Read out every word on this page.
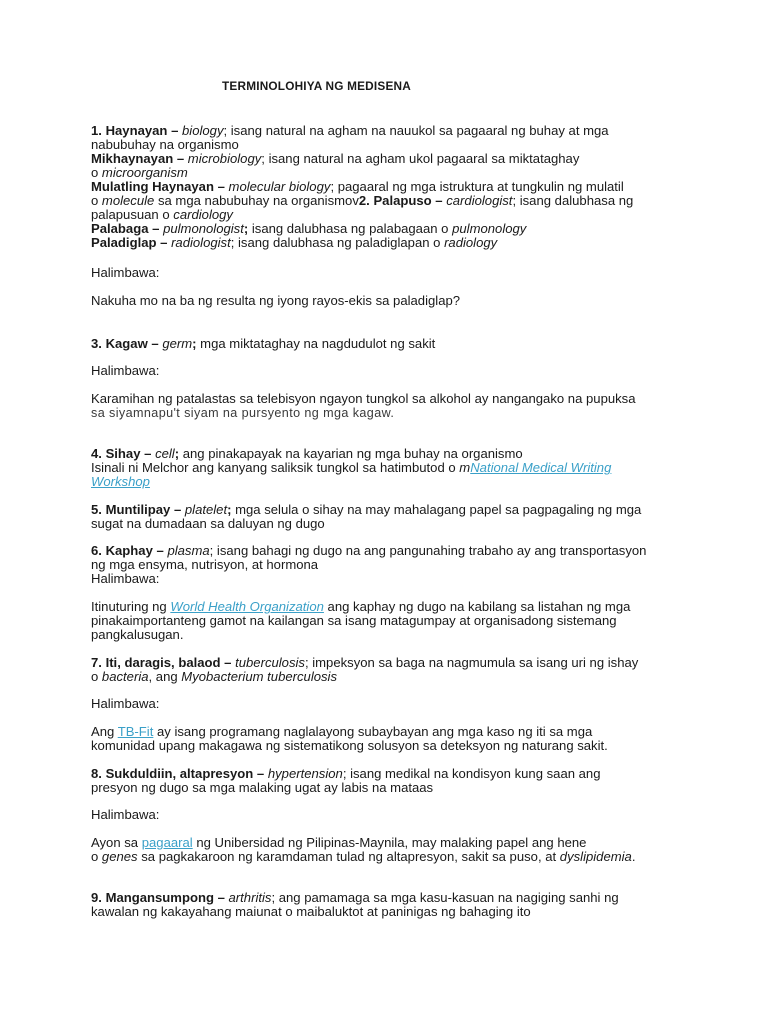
TERMINOLOHIYA NG MEDISENA
1. Haynayan – biology; isang natural na agham na nauukol sa pagaaral ng buhay at mga
nabubuhay na organismo
Mikhaynayan – microbiology; isang natural na agham ukol pagaaral sa miktataghay
o microorganism
Mulatling Haynayan – molecular biology; pagaaral ng mga istruktura at tungkulin ng mulatil
o molecule sa mga nabubuhay na organismov2. Palapuso – cardiologist; isang dalubhasa ng
palapusuan o cardiology
Palabaga – pulmonologist; isang dalubhasa ng palabagaan o pulmonology
Paladiglap – radiologist; isang dalubhasa ng paladiglapan o radiology
Halimbawa:
Nakuha mo na ba ng resulta ng iyong rayos-ekis sa paladiglap?
3. Kagaw – germ; mga miktataghay na nagdudulot ng sakit
Halimbawa:
Karamihan ng patalastas sa telebisyon ngayon tungkol sa alkohol ay nangangako na pupuksa
sa siyamnapu't siyam na pursyento ng mga kagaw.
4. Sihay – cell; ang pinakapayak na kayarian ng mga buhay na organismo
Isinali ni Melchor ang kanyang saliksik tungkol sa hatimbutod o mNational Medical Writing
Workshop
5. Muntilipay – platelet; mga selula o sihay na may mahalagang papel sa pagpagaling ng mga
sugat na dumadaan sa daluyan ng dugo
6. Kaphay – plasma; isang bahagi ng dugo na ang pangunahing trabaho ay ang transportasyon
ng mga ensyma, nutrisyon, at hormona
Halimbawa:
Itinuturing ng World Health Organization ang kaphay ng dugo na kabilang sa listahan ng mga
pinakaimportanteng gamot na kailangan sa isang matagumpay at organisadong sistemang
pangkalusugan.
7. Iti, daragis, balaod – tuberculosis; impeksyon sa baga na nagmumula sa isang uri ng ishay
o bacteria, ang Myobacterium tuberculosis
Halimbawa:
Ang TB-Fit ay isang programang naglalayong subaybayan ang mga kaso ng iti sa mga
komunidad upang makagawa ng sistematikong solusyon sa deteksyon ng naturang sakit.
8. Sukduldiin, altapresyon – hypertension; isang medikal na kondisyon kung saan ang
presyon ng dugo sa mga malaking ugat ay labis na mataas
Halimbawa:
Ayon sa pagaaral ng Unibersidad ng Pilipinas-Maynila, may malaking papel ang hene
o genes sa pagkakaroon ng karamdaman tulad ng altapresyon, sakit sa puso, at dyslipidemia.
9. Mangansumpong – arthritis; ang pamamaga sa mga kasu-kasuan na nagiging sanhi ng
kawalan ng kakayahang maiunat o maibaluktot at paninigas ng bahaging ito
